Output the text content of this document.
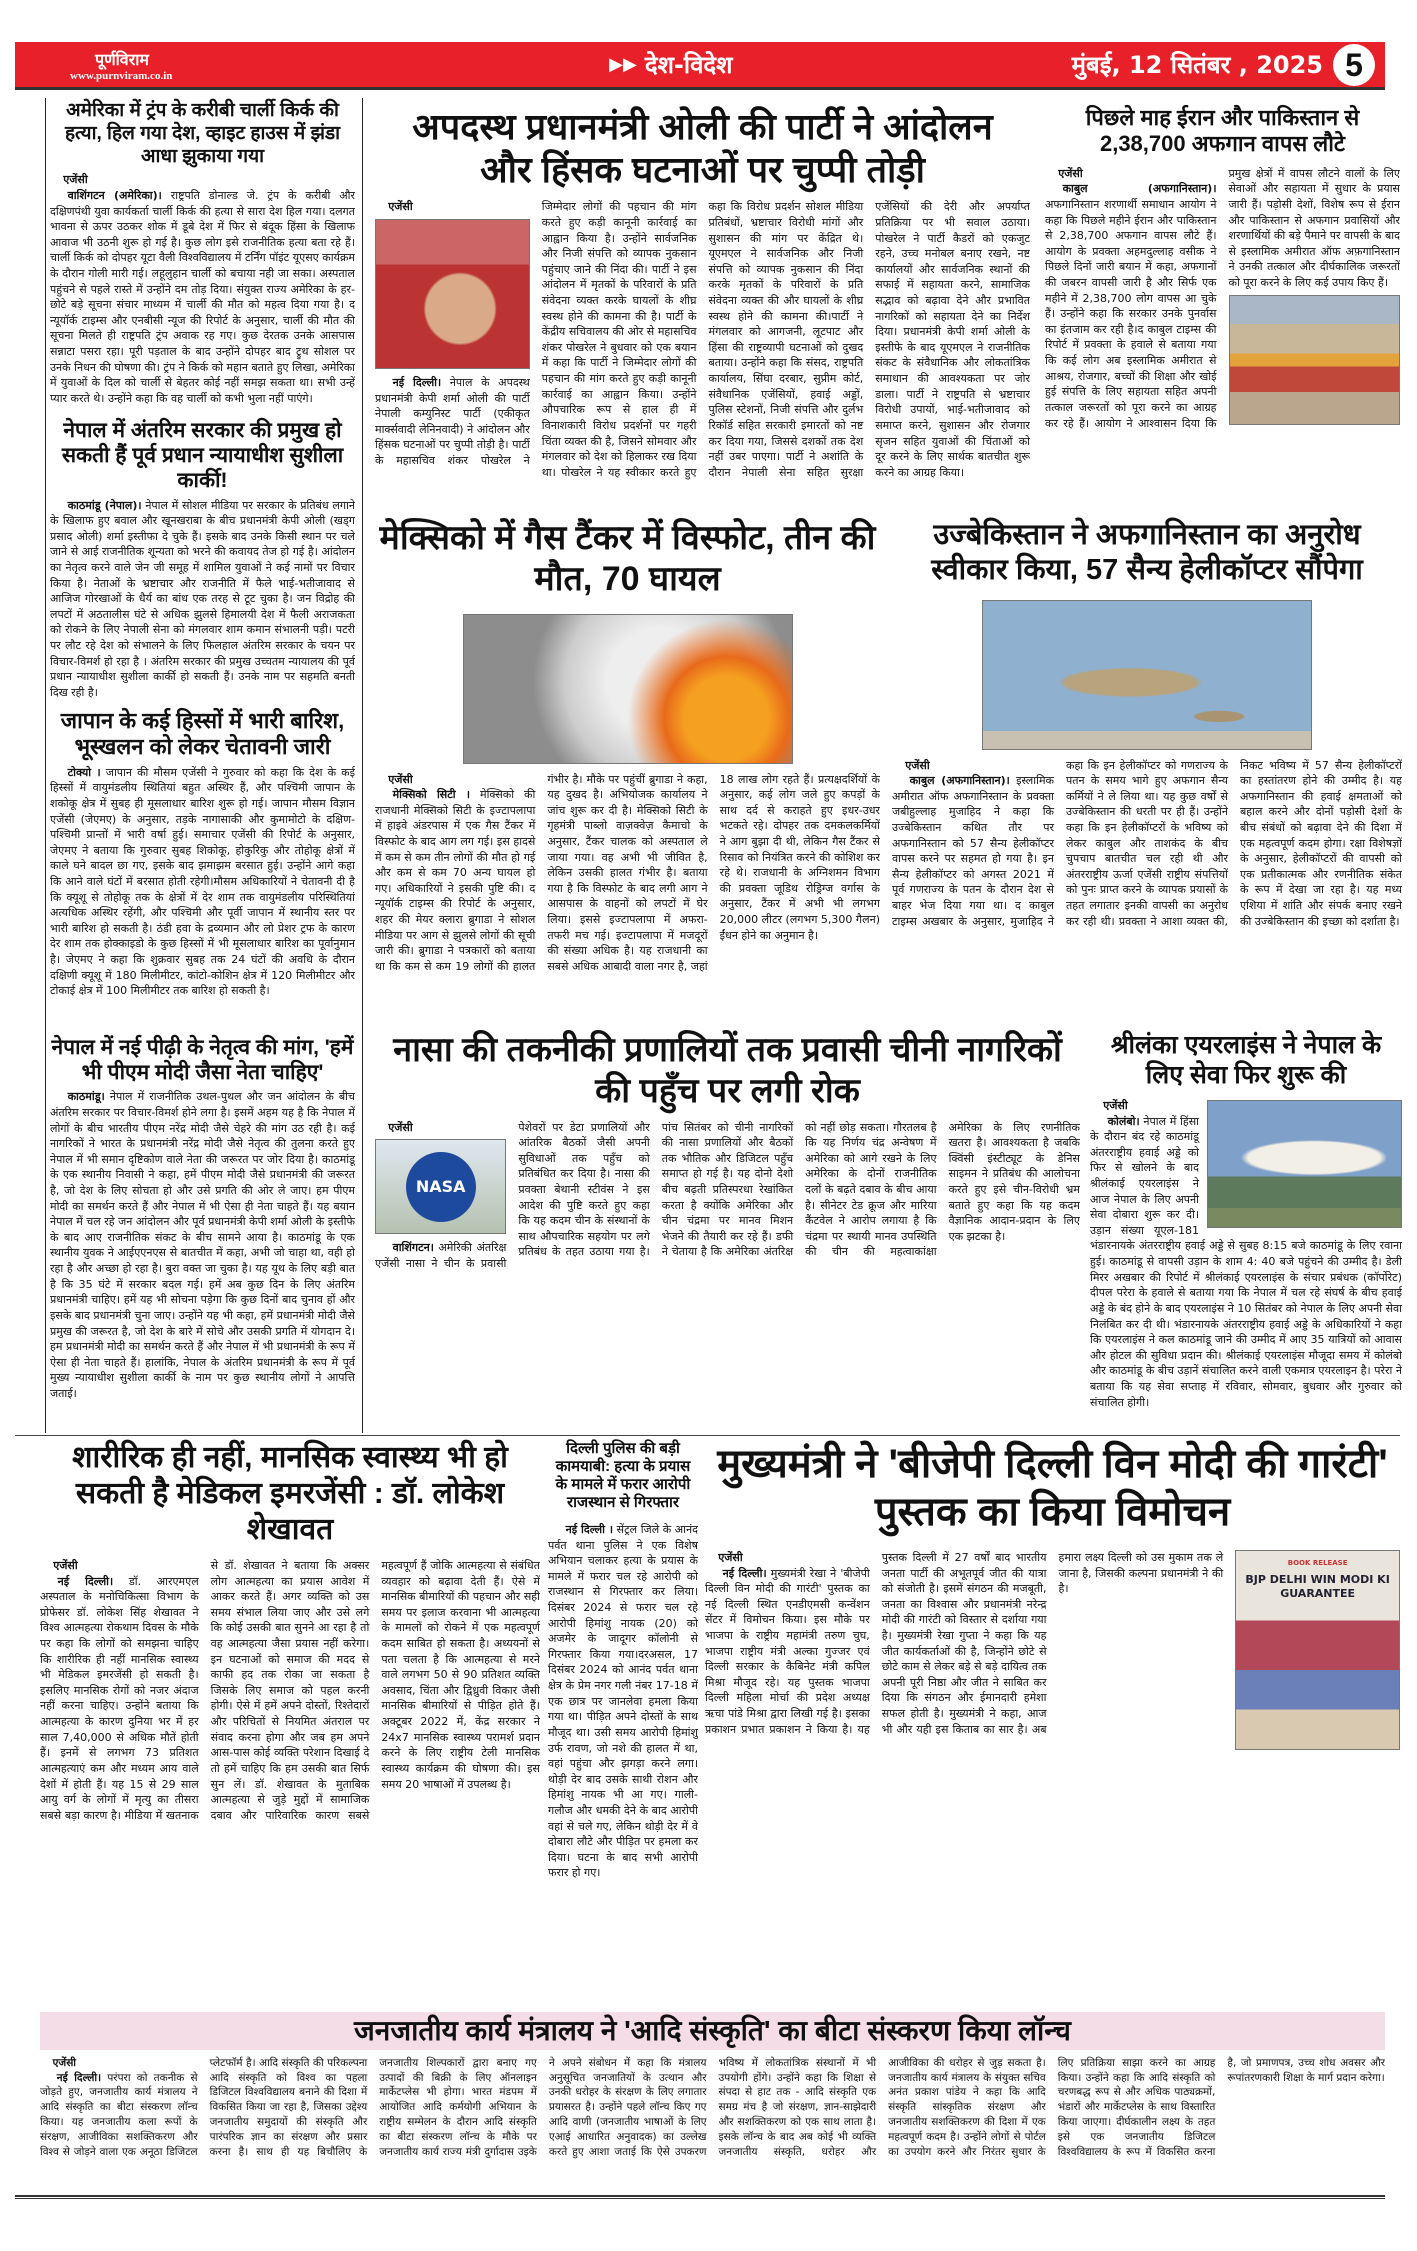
पूर्णविराम
www.purnviram.co.in
▶▶ देश-विदेश	मुंबई, 12 सितंबर , 2025 5
अमेरिका में ट्रंप के करीबी चार्ली किर्क की हत्या, हिल गया देश, व्हाइट हाउस में झंडा आधा झुकाया गया
एजेंसी

वाशिंगटन (अमेरिका)। राष्ट्रपति डोनाल्ड जे. ट्रंप के करीबी और दक्षिणपंथी युवा कार्यकर्ता चार्ली किर्क की हत्या से सारा देश हिल गया। दलगत भावना से ऊपर उठकर शोक में डूबे देश में फिर से बंदूक हिंसा के खिलाफ आवाज भी उठनी शुरू हो गई है। कुछ लोग इसे राजनीतिक हत्या बता रहे हैं। चार्ली किर्क को दोपहर यूटा वैली विश्वविद्यालय में टर्निंग पॉइंट यूएसए कार्यक्रम के दौरान गोली मारी गई। लहूलुहान चार्ली को बचाया नही जा सका। अस्पताल पहुंचने से पहले रास्ते में उन्होंने दम तोड़ दिया। संयुक्त राज्य अमेरिका के हर-छोटे बड़े सूचना संचार माध्यम में चार्ली की मौत को महत्व दिया गया है। द न्यूयॉर्क टाइम्स और एनबीसी न्यूज की रिपोर्ट के अनुसार, चार्ली की मौत की सूचना मिलते ही राष्ट्रपति ट्रंप अवाक रह गए। कुछ देरतक उनके आसपास सन्नाटा पसरा रहा। पूरी पड़ताल के बाद उन्होंने दोपहर बाद ट्रुथ सोशल पर उनके निधन की घोषणा की। ट्रंप ने किर्क को महान बताते हुए लिखा, अमेरिका में युवाओं के दिल को चार्ली से बेहतर कोई नहीं समझ सकता था। सभी उन्हें प्यार करते थे। उन्होंने कहा कि वह चार्ली को कभी भुला नहीं पाएंगे।

नेपाल में अंतरिम सरकार की प्रमुख हो सकती हैं पूर्व प्रधान न्यायाधीश सुशीला कार्की!

काठमांडू (नेपाल)। नेपाल में सोशल मीडिया पर सरकार के प्रतिबंध लगाने के खिलाफ हुए बवाल और खूनखराबा के बीच प्रधानमंत्री केपी ओली (खड्ग प्रसाद ओली) शर्मा इस्तीफा दे चुके हैं। इसके बाद उनके किसी स्थान पर चले जाने से आई राजनीतिक शून्यता को भरने की कवायद तेज हो गई है। आंदोलन का नेतृत्व करने वाले जेन जी समूह में शामिल युवाओं ने कई नामों पर विचार किया है। नेताओं के भ्रष्टाचार और राजनीति में फैले भाई-भतीजावाद से आजिज गोरखाओं के धैर्य का बांध एक तरह से टूट चुका है। जन विद्रोह की लपटों में अठतालीस घंटे से अधिक झुलसे हिमालयी देश में फैली अराजकता को रोकने के लिए नेपाली सेना को मंगलवार शाम कमान संभालनी पड़ी। पटरी पर लौट रहे देश को संभालने के लिए फिलहाल अंतरिम सरकार के चयन पर विचार-विमर्श हो रहा है । अंतरिम सरकार की प्रमुख उच्चतम न्यायालय की पूर्व प्रधान न्यायाधीश सुशीला कार्की हो सकती हैं। उनके नाम पर सहमति बनती दिख रही है।

जापान के कई हिस्सों में भारी बारिश, भूस्खलन को लेकर चेतावनी जारी

टोक्यो । जापान की मौसम एजेंसी ने गुरुवार को कहा कि देश के कई हिस्सों में वायुमंडलीय स्थितियां बहुत अस्थिर हैं, और पश्चिमी जापान के शकोकू क्षेत्र में सुबह ही मूसलाधार बारिश शुरू हो गई। जापान मौसम विज्ञान एजेंसी (जेएमए) के अनुसार, तड़के नागासाकी और कुमामोटो के दक्षिण-पश्चिमी प्रान्तों में भारी वर्षा हुई। समाचार एजेंसी की रिपोर्ट के अनुसार, जेएमए ने बताया कि गुरुवार सुबह शिकोकू, होकुरिकु और तोहोकू क्षेत्रों में काले घने बादल छा गए, इसके बाद झमाझम बरसात हुई। उन्होंने आगे कहा कि आने वाले घंटों में बरसात होती रहेगी।मौसम अधिकारियों ने चेतावनी दी है कि क्यूशू से तोहोकू तक के क्षेत्रों में देर शाम तक वायुमंडलीय परिस्थितियां अत्यधिक अस्थिर रहेंगी, और पश्चिमी और पूर्वी जापान में स्थानीय स्तर पर भारी बारिश हो सकती है। ठंडी हवा के द्रव्यमान और लो प्रेशर ट्रफ के कारण देर शाम तक होक्काइडो के कुछ हिस्सों में भी मूसलाधार बारिश का पूर्वानुमान है। जेएमए ने कहा कि शुक्रवार सुबह तक 24 घंटों की अवधि के दौरान दक्षिणी क्यूशू में 180 मिलीमीटर, कांटो-कोशिन क्षेत्र में 120 मिलीमीटर और टोकाई क्षेत्र में 100 मिलीमीटर तक बारिश हो सकती है।

नेपाल में नई पीढ़ी के नेतृत्व की मांग, 'हमें भी पीएम मोदी जैसा नेता चाहिए'

काठमांडू। नेपाल में राजनीतिक उथल-पुथल और जन आंदोलन के बीच अंतरिम सरकार पर विचार-विमर्श होने लगा है। इसमें अहम यह है कि नेपाल में लोगों के बीच भारतीय पीएम नरेंद्र मोदी जैसे चेहरे की मांग उठ रही है। कई नागरिकों ने भारत के प्रधानमंत्री नरेंद्र मोदी जैसे नेतृत्व की तुलना करते हुए नेपाल में भी समान दृष्टिकोण वाले नेता की जरूरत पर जोर दिया है। काठमांडू के एक स्थानीय निवासी ने कहा, हमें पीएम मोदी जैसे प्रधानमंत्री की जरूरत है, जो देश के लिए सोचता हो और उसे प्रगति की ओर ले जाए। हम पीएम मोदी का समर्थन करते हैं और नेपाल में भी ऐसा ही नेता चाहते हैं। यह बयान नेपाल में चल रहे जन आंदोलन और पूर्व प्रधानमंत्री केपी शर्मा ओली के इस्तीफे के बाद आए राजनीतिक संकट के बीच सामने आया है। काठमांडू के एक स्थानीय युवक ने आईएएनएस से बातचीत में कहा, अभी जो चाहा था, वही हो रहा है और अच्छा हो रहा है। बुरा वक्त जा चुका है। यह यूथ के लिए बड़ी बात है कि 35 घंटे में सरकार बदल गई। हमें अब कुछ दिन के लिए अंतरिम प्रधानमंत्री चाहिए। हमें यह भी सोचना पड़ेगा कि कुछ दिनों बाद चुनाव हों और इसके बाद प्रधानमंत्री चुना जाए। उन्होंने यह भी कहा, हमें प्रधानमंत्री मोदी जैसे प्रमुख की जरूरत है, जो देश के बारे में सोचे और उसकी प्रगति में योगदान दे। हम प्रधानमंत्री मोदी का समर्थन करते हैं और नेपाल में भी प्रधानमंत्री के रूप में ऐसा ही नेता चाहते हैं। हालांकि, नेपाल के अंतरिम प्रधानमंत्री के रूप में पूर्व मुख्य न्यायाधीश सुशीला कार्की के नाम पर कुछ स्थानीय लोगों ने आपत्ति जताई।

अपदस्थ प्रधानमंत्री ओली की पार्टी ने आंदोलन और हिंसक घटनाओं पर चुप्पी तोड़ी
एजेंसी

नई दिल्ली। नेपाल के अपदस्थ प्रधानमंत्री केपी शर्मा ओली की पार्टी नेपाली कम्युनिस्ट पार्टी (एकीकृत मार्क्सवादी लेनिनवादी) ने आंदोलन और हिंसक घटनाओं पर चुप्पी तोड़ी है। पार्टी के महासचिव शंकर पोखरेल ने जिम्मेदार लोगों की पहचान की मांग करते हुए कड़ी कानूनी कार्रवाई का आह्वान किया है। उन्होंने सार्वजनिक और निजी संपत्ति को व्यापक नुकसान पहुंचाए जाने की निंदा की। पार्टी ने इस आंदोलन में मृतकों के परिवारों के प्रति संवेदना व्यक्त करके घायलों के शीघ्र स्वस्थ होने की कामना की है। पार्टी के केंद्रीय सचिवालय की ओर से महासचिव शंकर पोखरेल ने बुधवार को एक बयान में कहा कि पार्टी ने जिम्मेदार लोगों की पहचान की मांग करते हुए कड़ी कानूनी कार्रवाई का आह्वान किया। उन्होंने औपचारिक रूप से हाल ही में विनाशकारी विरोध प्रदर्शनों पर गहरी चिंता व्यक्त की है, जिसने सोमवार और मंगलवार को देश को हिलाकर रख दिया था। पोखरेल ने यह स्वीकार करते हुए कहा कि विरोध प्रदर्शन सोशल मीडिया प्रतिबंधों, भ्रष्टाचार विरोधी मांगों और सुशासन की मांग पर केंद्रित थे। यूएमएल ने सार्वजनिक और निजी संपत्ति को व्यापक नुकसान की निंदा करके मृतकों के परिवारों के प्रति संवेदना व्यक्त की और घायलों के शीघ्र स्वस्थ होने की कामना की।पार्टी ने मंगलवार को आगजनी, लूटपाट और हिंसा की राष्ट्रव्यापी घटनाओं को दुखद बताया। उन्होंने कहा कि संसद, राष्ट्रपति कार्यालय, सिंघा दरबार, सुप्रीम कोर्ट, संवैधानिक एजेंसियों, हवाई अड्डों, पुलिस स्टेशनों, निजी संपत्ति और दुर्लभ रिकॉर्ड सहित सरकारी इमारतों को नष्ट कर दिया गया, जिससे दशकों तक देश नहीं उबर पाएगा। पार्टी ने अशांति के दौरान नेपाली सेना सहित सुरक्षा एजेंसियों की देरी और अपर्याप्त प्रतिक्रिया पर भी सवाल उठाया। पोखरेल ने पार्टी कैडरों को एकजुट रहने, उच्च मनोबल बनाए रखने, नष्ट कार्यालयों और सार्वजनिक स्थानों की सफाई में सहायता करने, सामाजिक सद्भाव को बढ़ावा देने और प्रभावित नागरिकों को सहायता देने का निर्देश दिया। प्रधानमंत्री केपी शर्मा ओली के इस्तीफे के बाद यूएमएल ने राजनीतिक संकट के संवैधानिक और लोकतांत्रिक समाधान की आवश्यकता पर जोर डाला। पार्टी ने राष्ट्रपति से भ्रष्टाचार विरोधी उपायों, भाई-भतीजावाद को समाप्त करने, सुशासन और रोजगार सृजन सहित युवाओं की चिंताओं को दूर करने के लिए सार्थक बातचीत शुरू करने का आग्रह किया।

पिछले माह ईरान और पाकिस्तान से 2,38,700 अफगान वापस लौटे
एजेंसी

काबुल (अफगानिस्तान)। अफगानिस्तान शरणार्थी समाधान आयोग ने कहा कि पिछले महीने ईरान और पाकिस्तान से 2,38,700 अफगान वापस लौटे हैं। आयोग के प्रवक्ता अहमदुल्लाह वसीक ने पिछले दिनों जारी बयान में कहा, अफगानों की जबरन वापसी जारी है और सिर्फ एक महीने में 2,38,700 लोग वापस आ चुके हैं। उन्होंने कहा कि सरकार उनके पुनर्वास का इंतजाम कर रही है।द काबुल टाइम्स की रिपोर्ट में प्रवक्ता के हवाले से बताया गया कि कई लोग अब इस्लामिक अमीरात से आश्रय, रोजगार, बच्चों की शिक्षा और खोई हुई संपत्ति के लिए सहायता सहित अपनी तत्काल जरूरतों को पूरा करने का आग्रह कर रहे हैं। आयोग ने आश्वासन दिया कि प्रमुख क्षेत्रों में वापस लौटने वालों के लिए सेवाओं और सहायता में सुधार के प्रयास जारी हैं। पड़ोसी देशों, विशेष रूप से ईरान और पाकिस्तान से अफगान प्रवासियों और शरणार्थियों की बड़े पैमाने पर वापसी के बाद से इस्लामिक अमीरात ऑफ अफ़गानिस्तान ने उनकी तत्काल और दीर्घकालिक जरूरतों को पूरा करने के लिए कई उपाय किए हैं।

मेक्सिको में गैस टैंकर में विस्फोट, तीन की मौत, 70 घायल
एजेंसी

मेक्सिको सिटी । मेक्सिको की राजधानी मेक्सिको सिटी के इज्टापलापा में हाइवे अंडरपास में एक गैस टैंकर में विस्फोट के बाद आग लग गई। इस हादसे में कम से कम तीन लोगों की मौत हो गई और कम से कम 70 अन्य घायल हो गए। अधिकारियों ने इसकी पुष्टि की। द न्यूयॉर्क टाइम्स की रिपोर्ट के अनुसार, शहर की मेयर क्लारा ब्रुगाडा ने सोशल मीडिया पर आग से झुलसे लोगों की सूची जारी की। ब्रुगाडा ने पत्रकारों को बताया था कि कम से कम 19 लोगों की हालत गंभीर है। मौके पर पहुंचीं ब्रुगाडा ने कहा, यह दुखद है। अभियोजक कार्यालय ने जांच शुरू कर दी है। मेक्सिको सिटी के गृहमंत्री पाब्लो वाज़क्वेज़ कैमाचो के अनुसार, टैंकर चालक को अस्पताल ले जाया गया। वह अभी भी जीवित है, लेकिन उसकी हालत गंभीर है। बताया गया है कि विस्फोट के बाद लगी आग ने आसपास के वाहनों को लपटों में घेर लिया। इससे इज्टापलापा में अफरा-तफरी मच गई। इज्टापलापा में मजदूरों की संख्या अधिक है। यह राजधानी का सबसे अधिक आबादी वाला नगर है, जहां 18 लाख लोग रहते हैं। प्रत्यक्षदर्शियों के अनुसार, कई लोग जले हुए कपड़ों के साथ दर्द से कराहते हुए इधर-उधर भटकते रहे। दोपहर तक दमकलकर्मियों ने आग बुझा दी थी, लेकिन गैस टैंकर से रिसाव को नियंत्रित करने की कोशिश कर रहे थे। राजधानी के अग्निशमन विभाग की प्रवक्ता जूडिथ रोड्रिग्ज वर्गास के अनुसार, टैंकर में अभी भी लगभग 20,000 लीटर (लगभग 5,300 गैलन) ईंधन होने का अनुमान है।

उज्बेकिस्तान ने अफगानिस्तान का अनुरोध स्वीकार किया, 57 सैन्य हेलीकॉप्टर सौंपेगा
एजेंसी

काबुल (अफगानिस्तान)। इस्लामिक अमीरात ऑफ अफगानिस्तान के प्रवक्ता जबीहुल्लाह मुजाहिद ने कहा कि उज्बेकिस्तान कथित तौर पर अफगानिस्तान को 57 सैन्य हेलीकॉप्टर वापस करने पर सहमत हो गया है। इन सैन्य हेलीकॉप्टर को अगस्त 2021 में पूर्व गणराज्य के पतन के दौरान देश से बाहर भेज दिया गया था। द काबुल टाइम्स अखबार के अनुसार, मुजाहिद ने कहा कि इन हेलीकॉप्टर को गणराज्य के पतन के समय भागे हुए अफगान सैन्य कर्मियों ने ले लिया था। यह कुछ वर्षों से उज्बेकिस्तान की धरती पर ही हैं। उन्होंने कहा कि इन हेलीकॉप्टरों के भविष्य को लेकर काबुल और ताशकंद के बीच चुपचाप बातचीत चल रही थी और अंतरराष्ट्रीय ऊर्जा एजेंसी राष्ट्रीय संपत्तियों को पुनः प्राप्त करने के व्यापक प्रयासों के तहत लगातार इनकी वापसी का अनुरोध कर रही थी। प्रवक्ता ने आशा व्यक्त की, निकट भविष्य में 57 सैन्य हेलीकॉप्टरों का हस्तांतरण होने की उम्मीद है। यह अफगानिस्तान की हवाई क्षमताओं को बहाल करने और दोनों पड़ोसी देशों के बीच संबंधों को बढ़ावा देने की दिशा में एक महत्वपूर्ण कदम होगा। रक्षा विशेषज्ञों के अनुसार, हेलीकॉप्टरों की वापसी को एक प्रतीकात्मक और रणनीतिक संकेत के रूप में देखा जा रहा है। यह मध्य एशिया में शांति और संपर्क बनाए रखने की उज्बेकिस्तान की इच्छा को दर्शाता है।

नासा की तकनीकी प्रणालियों तक प्रवासी चीनी नागरिकों की पहुँच पर लगी रोक
एजेंसी
NASA

वाशिंगटन। अमेरिकी अंतरिक्ष एजेंसी नासा ने चीन के प्रवासी पेशेवरों पर डेटा प्रणालियों और आंतरिक बैठकों जैसी अपनी सुविधाओं तक पहुँच को प्रतिबंधित कर दिया है। नासा की प्रवक्ता बेथानी स्टीवंस ने इस आदेश की पुष्टि करते हुए कहा कि यह कदम चीन के संस्थानों के साथ औपचारिक सहयोग पर लगे प्रतिबंध के तहत उठाया गया है। पांच सितंबर को चीनी नागरिकों की नासा प्रणालियों और बैठकों तक भौतिक और डिजिटल पहुँच समाप्त हो गई है। यह दोनो देशो बीच बढ़ती प्रतिस्परधा रेखांकित करता है क्योंकि अमेरिका और चीन चंद्रमा पर मानव मिशन भेजने की तैयारी कर रहे हैं। डफी ने चेताया है कि अमेरिका अंतरिक्ष को नहीं छोड़ सकता। गौरतलब है कि यह निर्णय चंद्र अन्वेषण में अमेरिका को आगे रखने के लिए अमेरिका के दोनों राजनीतिक दलों के बढ़ते दबाव के बीच आया है। सीनेटर टेड क्रूज और मारिया कैंटवेल ने आरोप लगाया है कि चंद्रमा पर स्थायी मानव उपस्थिति की चीन की महत्वाकांक्षा अमेरिका के लिए रणनीतिक खतरा है। आवश्यकता है जबकि क्विंसी इंस्टीट्यूट के डेनिस साइमन ने प्रतिबंध की आलोचना करते हुए इसे चीन-विरोधी भ्रम बताते हुए कहा कि यह कदम वैज्ञानिक आदान-प्रदान के लिए एक झटका है।

श्रीलंका एयरलाइंस ने नेपाल के लिए सेवा फिर शुरू की
एजेंसी

कोलंबो। नेपाल में हिंसा के दौरान बंद रहे काठमांडू अंतरराष्ट्रीय हवाई अड्डे को फिर से खोलने के बाद श्रीलंकाई एयरलाइंस ने आज नेपाल के लिए अपनी सेवा दोबारा शुरू कर दी। उड़ान संख्या यूएल-181 भंडारनायके अंतरराष्ट्रीय हवाई अड्डे से सुबह 8:15 बजे काठमांडू के लिए रवाना हुई। काठमांडू से वापसी उड़ान के शाम 4: 40 बजे पहुंचने की उम्मीद है। डेली मिरर अखबार की रिपोर्ट में श्रीलंकाई एयरलाइंस के संचार प्रबंधक (कॉर्पोरेट) दीपल परेरा के हवाले से बताया गया कि नेपाल में चल रहे संघर्ष के बीच हवाई अड्डे के बंद होने के बाद एयरलाइंस ने 10 सितंबर को नेपाल के लिए अपनी सेवा निलंबित कर दी थी। भंडारनायके अंतरराष्ट्रीय हवाई अड्डे के अधिकारियों ने कहा कि एयरलाइंस ने कल काठमांडू जाने की उम्मीद में आए 35 यात्रियों को आवास और होटल की सुविधा प्रदान की। श्रीलंकाई एयरलाइंस मौजूदा समय में कोलंबो और काठमांडू के बीच उड़ानें संचालित करने वाली एकमात्र एयरलाइन है। परेरा ने बताया कि यह सेवा सप्ताह में रविवार, सोमवार, बुधवार और गुरुवार को संचालित होगी।

शारीरिक ही नहीं, मानसिक स्वास्थ्य भी हो सकती है मेडिकल इमरजेंसी : डॉ. लोकेश शेखावत
एजेंसी

नई दिल्ली। डॉ. आरएमएल अस्पताल के मनोचिकित्सा विभाग के प्रोफेसर डॉ. लोकेश सिंह शेखावत ने विश्व आत्महत्या रोकथाम दिवस के मौके पर कहा कि लोगों को समझना चाहिए कि शारीरिक ही नहीं मानसिक स्वास्थ्य भी मेडिकल इमरजेंसी हो सकती है। इसलिए मानसिक रोगों को नजर अंदाज नहीं करना चाहिए। उन्होंने बताया कि आत्महत्या के कारण दुनिया भर में हर साल 7,40,000 से अधिक मौतें होती हैं। इनमें से लगभग 73 प्रतिशत आत्महत्याएं कम और मध्यम आय वाले देशों में होती हैं। यह 15 से 29 साल आयु वर्ग के लोगों में मृत्यु का तीसरा सबसे बड़ा कारण है। मीडिया में खतनाक से डॉ. शेखावत ने बताया कि अक्सर लोग आत्महत्या का प्रयास आवेश में आकर करते हैं। अगर व्यक्ति को उस समय संभाल लिया जाए और उसे लगे कि कोई उसकी बात सुनने आ रहा है तो वह आत्महत्या जैसा प्रयास नहीं करेगा। इन घटनाओं को समाज की मदद से काफी हद तक रोका जा सकता है जिसके लिए समाज को पहल करनी होगी। ऐसे में हमें अपने दोस्तों, रिश्तेदारों और परिचितों से नियमित अंतराल पर संवाद करना होगा और जब हम अपने आस-पास कोई व्यक्ति परेशान दिखाई दे तो हमें चाहिए कि हम उसकी बात सिर्फ सुन लें। डॉ. शेखावत के मुताबिक आत्महत्या से जुड़े मुद्दों में सामाजिक दबाव और पारिवारिक कारण सबसे महत्वपूर्ण हैं जोकि आत्महत्या से संबंधित व्यवहार को बढ़ावा देती हैं। ऐसे में मानसिक बीमारियों की पहचान और सही समय पर इलाज करवाना भी आत्महत्या के मामलों को रोकने में एक महत्वपूर्ण कदम साबित हो सकता है। अध्ययनों से पता चलता है कि आत्महत्या से मरने वाले लगभग 50 से 90 प्रतिशत व्यक्ति अवसाद, चिंता और द्विध्रुवी विकार जैसी मानसिक बीमारियों से पीड़ित होते हैं। अक्टूबर 2022 में, केंद्र सरकार ने 24x7 मानसिक स्वास्थ्य परामर्श प्रदान करने के लिए राष्ट्रीय टेली मानसिक स्वास्थ्य कार्यक्रम की घोषणा की। इस समय 20 भाषाओं में उपलब्ध है।

दिल्ली पुलिस की बड़ी कामयाबी: हत्या के प्रयास के मामले में फरार आरोपी राजस्थान से गिरफ्तार

नई दिल्ली । सेंट्रल जिले के आनंद पर्वत थाना पुलिस ने एक विशेष अभियान चलाकर हत्या के प्रयास के मामले में फरार चल रहे आरोपी को राजस्थान से गिरफ्तार कर लिया। दिसंबर 2024 से फरार चल रहे आरोपी हिमांशु नायक (20) को अजमेर के जादूगर कॉलोनी से गिरफ्तार किया गया।दरअसल, 17 दिसंबर 2024 को आनंद पर्वत थाना क्षेत्र के प्रेम नगर गली नंबर 17-18 में एक छात्र पर जानलेवा हमला किया गया था। पीड़ित अपने दोस्तों के साथ मौजूद था। उसी समय आरोपी हिमांशु उर्फ रावण, जो नशे की हालत में था, वहां पहुंचा और झगड़ा करने लगा। थोड़ी देर बाद उसके साथी रोशन और हिमांशु नायक भी आ गए। गाली-गलौज और धमकी देने के बाद आरोपी वहां से चले गए, लेकिन थोड़ी देर में वे दोबारा लौटे और पीड़ित पर हमला कर दिया। घटना के बाद सभी आरोपी फरार हो गए।

मुख्यमंत्री ने 'बीजेपी दिल्ली विन मोदी की गारंटी' पुस्तक का किया विमोचन
एजेंसी

नई दिल्ली। मुख्यमंत्री रेखा ने 'बीजेपी दिल्ली विन मोदी की गारंटी' पुस्तक का नई दिल्ली स्थित एनडीएमसी कन्वेंशन सेंटर में विमोचन किया। इस मौके पर भाजपा के राष्ट्रीय महामंत्री तरुण चुघ, भाजपा राष्ट्रीय मंत्री अल्का गुज्जर एवं दिल्ली सरकार के कैबिनेट मंत्री कपिल मिश्रा मौजूद रहे। यह पुस्तक भाजपा दिल्ली महिला मोर्चा की प्रदेश अध्यक्ष ऋचा पांडे मिश्रा द्वारा लिखी गई है। इसका प्रकाशन प्रभात प्रकाशन ने किया है। यह पुस्तक दिल्ली में 27 वर्षों बाद भारतीय जनता पार्टी की अभूतपूर्व जीत की यात्रा को संजोती है। इसमें संगठन की मजबूती, जनता का विश्वास और प्रधानमंत्री नरेन्द्र मोदी की गारंटी को विस्तार से दर्शाया गया है। मुख्यमंत्री रेखा गुप्ता ने कहा कि यह जीत कार्यकर्ताओं की है, जिन्होंने छोटे से छोटे काम से लेकर बड़े से बड़े दायित्व तक अपनी पूरी निष्ठा और जीत ने साबित कर दिया कि संगठन और ईमानदारी हमेशा सफल होती है। मुख्यमंत्री ने कहा, आज भी और यही इस किताब का सार है। अब हमारा लक्ष्य दिल्ली को उस मुकाम तक ले जाना है, जिसकी कल्पना प्रधानमंत्री ने की है।

BOOK RELEASE
BJP DELHI WIN MODI KI GUARANTEE
जनजातीय कार्य मंत्रालय ने 'आदि संस्कृति' का बीटा संस्करण किया लॉन्च
एजेंसी

नई दिल्ली। परंपरा को तकनीक से जोड़ते हुए, जनजातीय कार्य मंत्रालय ने आदि संस्कृति का बीटा संस्करण लॉन्च किया। यह जनजातीय कला रूपों के संरक्षण, आजीविका सशक्तिकरण और विश्व से जोड़ने वाला एक अनूठा डिजिटल प्लेटफॉर्म है। आदि संस्कृति की परिकल्पना आदि संस्कृति को विश्व का पहला डिजिटल विश्वविद्यालय बनाने की दिशा में विकसित किया जा रहा है, जिसका उद्देश्य जनजातीय समुदायों की संस्कृति और पारंपरिक ज्ञान का संरक्षण और प्रसार करना है। साथ ही यह बिचौलिए के जनजातीय शिल्पकारों द्वारा बनाए गए उत्पादों की बिक्री के लिए ऑनलाइन मार्केटप्लेस भी होगा। भारत मंडपम में आयोजित आदि कर्मयोगी अभियान के राष्ट्रीय सम्मेलन के दौरान आदि संस्कृति का बीटा संस्करण लॉन्च के मौके पर जनजातीय कार्य राज्य मंत्री दुर्गादास उइके ने अपने संबोधन में कहा कि मंत्रालय अनुसूचित जनजातियों के उत्थान और उनकी धरोहर के संरक्षण के लिए लगातार प्रयासरत है। उन्होंने पहले लॉन्च किए गए आदि वाणी (जनजातीय भाषाओं के लिए एआई आधारित अनुवादक) का उल्लेख करते हुए आशा जताई कि ऐसे उपकरण भविष्य में लोकतांत्रिक संस्थानों में भी उपयोगी होंगे। उन्होंने कहा कि शिक्षा से संपदा से हाट तक - आदि संस्कृति एक समग्र मंच है जो संरक्षण, ज्ञान-साझेदारी और सशक्तिकरण को एक साथ लाता है। इसके लॉन्च के बाद अब कोई भी व्यक्ति जनजातीय संस्कृति, धरोहर और आजीविका की धरोहर से जुड़ सकता है। जनजातीय कार्य मंत्रालय के संयुक्त सचिव अनंत प्रकाश पांडेय ने कहा कि आदि संस्कृति सांस्कृतिक संरक्षण और जनजातीय सशक्तिकरण की दिशा में एक महत्वपूर्ण कदम है। उन्होंने लोगों से पोर्टल का उपयोग करने और निरंतर सुधार के लिए प्रतिक्रिया साझा करने का आग्रह किया। उन्होंने कहा कि आदि संस्कृति को चरणबद्ध रूप से और अधिक पाठ्यक्रमों, भंडारों और मार्केटप्लेस के साथ विस्तारित किया जाएगा। दीर्घकालीन लक्ष्य के तहत इसे एक जनजातीय डिजिटल विश्वविद्यालय के रूप में विकसित करना है, जो प्रमाणपत्र, उच्च शोध अवसर और रूपांतरणकारी शिक्षा के मार्ग प्रदान करेगा।
